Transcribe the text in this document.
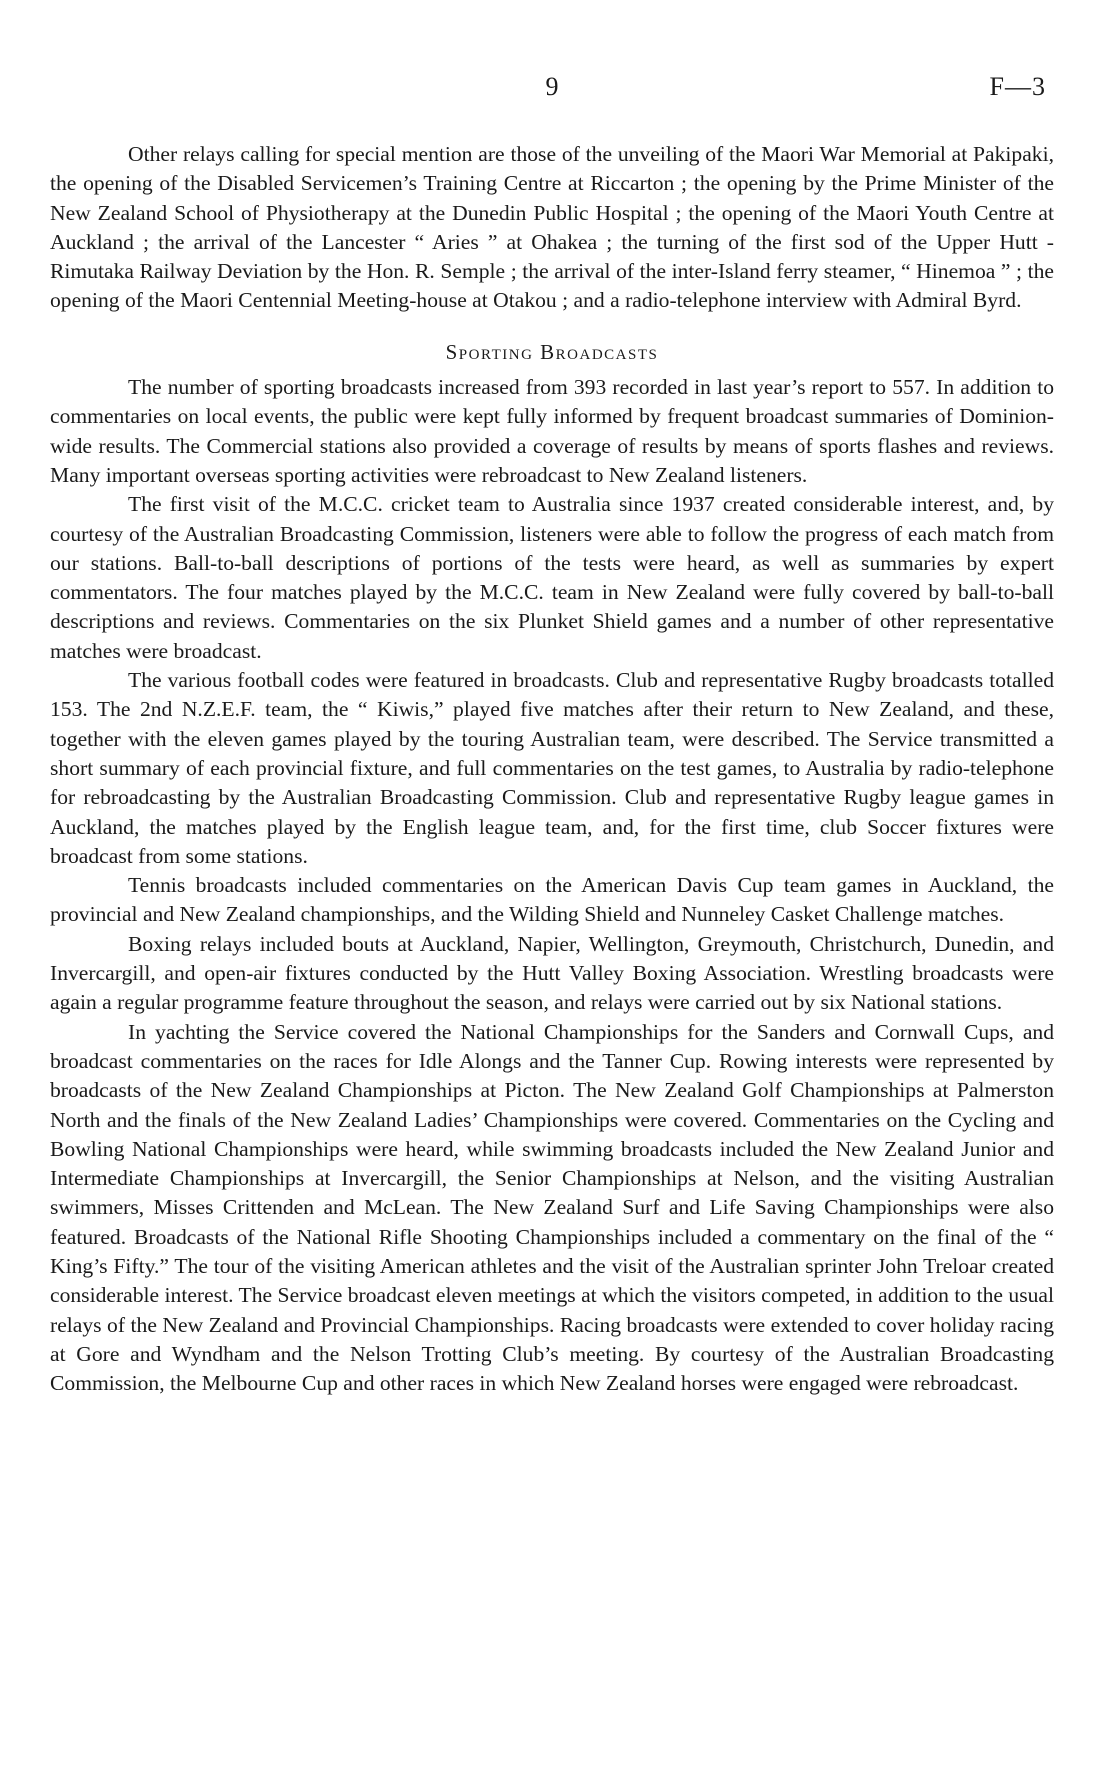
9	F—3

Other relays calling for special mention are those of the unveiling of the Maori War Memorial at Pakipaki, the opening of the Disabled Servicemen’s Training Centre at Riccarton ; the opening by the Prime Minister of the New Zealand School of Physiotherapy at the Dunedin Public Hospital ; the opening of the Maori Youth Centre at Auckland ; the arrival of the Lancester “ Aries ” at Ohakea ; the turning of the first sod of the Upper Hutt - Rimutaka Railway Deviation by the Hon. R. Semple ; the arrival of the inter-Island ferry steamer, “ Hinemoa ” ; the opening of the Maori Centennial Meeting-house at Otakou ; and a radio-telephone interview with Admiral Byrd.

Sporting Broadcasts

The number of sporting broadcasts increased from 393 recorded in last year’s report to 557. In addition to commentaries on local events, the public were kept fully informed by frequent broadcast summaries of Dominion-wide results. The Commercial stations also provided a coverage of results by means of sports flashes and reviews. Many important overseas sporting activities were rebroadcast to New Zealand listeners.

The first visit of the M.C.C. cricket team to Australia since 1937 created considerable interest, and, by courtesy of the Australian Broadcasting Commission, listeners were able to follow the progress of each match from our stations. Ball-to-ball descriptions of portions of the tests were heard, as well as summaries by expert commentators. The four matches played by the M.C.C. team in New Zealand were fully covered by ball-to-ball descriptions and reviews. Commentaries on the six Plunket Shield games and a number of other representative matches were broadcast.

The various football codes were featured in broadcasts. Club and representative Rugby broadcasts totalled 153. The 2nd N.Z.E.F. team, the “ Kiwis,” played five matches after their return to New Zealand, and these, together with the eleven games played by the touring Australian team, were described. The Service transmitted a short summary of each provincial fixture, and full commentaries on the test games, to Australia by radio-telephone for rebroadcasting by the Australian Broadcasting Commission. Club and representative Rugby league games in Auckland, the matches played by the English league team, and, for the first time, club Soccer fixtures were broadcast from some stations.

Tennis broadcasts included commentaries on the American Davis Cup team games in Auckland, the provincial and New Zealand championships, and the Wilding Shield and Nunneley Casket Challenge matches.

Boxing relays included bouts at Auckland, Napier, Wellington, Greymouth, Christchurch, Dunedin, and Invercargill, and open-air fixtures conducted by the Hutt Valley Boxing Association. Wrestling broadcasts were again a regular programme feature throughout the season, and relays were carried out by six National stations.

In yachting the Service covered the National Championships for the Sanders and Cornwall Cups, and broadcast commentaries on the races for Idle Alongs and the Tanner Cup. Rowing interests were represented by broadcasts of the New Zealand Championships at Picton. The New Zealand Golf Championships at Palmerston North and the finals of the New Zealand Ladies’ Championships were covered. Commentaries on the Cycling and Bowling National Championships were heard, while swimming broadcasts included the New Zealand Junior and Intermediate Championships at Invercargill, the Senior Championships at Nelson, and the visiting Australian swimmers, Misses Crittenden and McLean. The New Zealand Surf and Life Saving Championships were also featured. Broadcasts of the National Rifle Shooting Championships included a commentary on the final of the “ King’s Fifty.” The tour of the visiting American athletes and the visit of the Australian sprinter John Treloar created considerable interest. The Service broadcast eleven meetings at which the visitors competed, in addition to the usual relays of the New Zealand and Provincial Championships. Racing broadcasts were extended to cover holiday racing at Gore and Wyndham and the Nelson Trotting Club’s meeting. By courtesy of the Australian Broadcasting Commission, the Melbourne Cup and other races in which New Zealand horses were engaged were rebroadcast.
